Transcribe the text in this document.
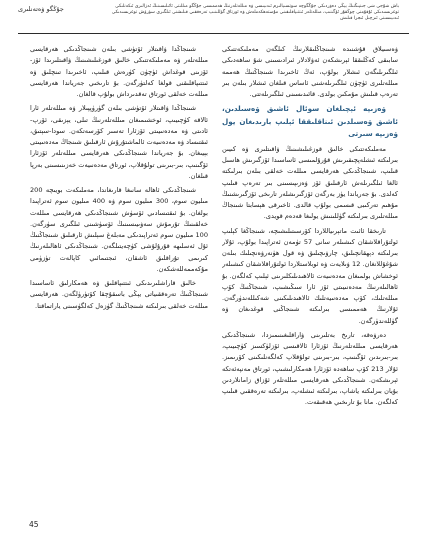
باش شۇجى شى جىنپىڭنىڭ يېڭى دەۋردىكى جۇڭگوچە سوتسىيالىزم ئىدىيىسى ۋە مىللەتلەرنىڭ ھەممىسى جۇڭگو مىللىتى ئائىلىسىنىڭ ئەزالىرى ئىكەنلىكى توغرىسىدىكى ئۇقۇمنى چوڭقۇر ئۆگىنىپ، مىللەتلەر ئىتتىپاقلىقىنى مۇستەھكەملەش ۋە ئورتاق گۈللىنىپ تەرەققىي قىلىشنى ئىلگىرى سۈرۈش توغرىسىدىكى ئىدىيىسىنى ئىزچىل ئىجرا قىلىش
جۇڭگو ۋەتەنلىرى

ۋەسىيلاق قۇشنىدە شىنجاڭلىقلارنىڭ كىلگەن مەملىكەتتىكى سابىقى كەڭلىققا ئېرىشكەن ئەۋلادلار ئىرادىسىنى شۇ ساھەدىكى ئىلگىرىلىگەن ئىشلار بولۇپ، ئەڭ ئاخىرىدا شىنجاڭنىڭ ھەممە مىللەتلىرى ئۈچۈن ئىلگىرىلەشنى ئاساس قىلغان ئىشلار بىلەن بىر تەرەپ قىلىش مۇمكىن بولدى. قائىدىسىنى ئىلگىرىلەتتى.

ۋەزىپە ئېچىلغان سوئال ئاشىق ۋەسىلدىن، ئاشىق ۋەسىلدىن ئىناقلىققا ئېلىپ بارىدىغان يول ۋەزىپە سىرتى

مەملىكەتتىكى خالىق قوزغىلىشىنىڭ ۋاقىتلىرى ۋە كىيىن بىرلىكتە ئىشلەپچىقىرىش قۇرۇلمىسى ئاساسىدا ئۆزگىرىش ھاسىل قىلىپ، شىنجاڭدىكى ھەرقايسى مىللەت خەلقى بىلەن بىرلىكتە ئالغا ئىلگىرىلەش ئارقىلىق ئۆز ۋەزىپىسىنى بىر تەرەپ قىلىپ كەلدى. بۇ جەرياندا يۈز بەرگەن ئۆزگىرىشلەر تارىخى ئۆزگىرىشنىڭ مۇھىم تەركىبى قىسمى بولۇپ قالدى. ئاخىرقى ھېسابتا شىنجاڭ مىللەتلىرى بىرلىكتە گۈللىنىش يولىغا قەدەم قويدى.

تارىخقا ئائىت ماتېرىياللاردا كۆرسىتىلىشىچە، شىنجاڭغا كېلىپ ئولتۇراقلاشقان كىشىلەر سانى 57 تۈمەن ئەتراپىدا بولۇپ، ئۇلار بىرلىكتە دېھقانچىلىق، چارۋىچىلىق ۋە قول ھۈنەرۋەنچىلىك بىلەن شۇغۇللانغان. 12 ۋىلايەت ۋە ئوبلاستلاردا ئولتۇراقلاشقان كىشىلەر ئوخشاش بولمىغان مەدەنىيەت ئالاھىدىلىكلىرىنى ئېلىپ كەلگەن. بۇ ئاھالىلەرنىڭ مەدەنىيىتى ئۆز ئارا سىڭىشىپ، شىنجاڭنىڭ كۆپ مىللەتلىك، كۆپ مەدەنىيەتلىك ئالاھىدىلىكىنى شەكىللەندۈرگەن. ئۇلارنىڭ ھەممىسى بىرلىكتە شىنجاڭنى قوغدىغان ۋە گۈللەندۈرگەن.

دەرۋەقە، تارىخ بەتلىرىنى ۋاراقلىغىنىمىزدا، شىنجاڭدىكى ھەرقايسى مىللەتلەرنىڭ ئۆزئارا ئالاقىسى ئۆزلۈكسىز كۈچىيىپ، بىر-بىرىدىن ئۆگىنىپ، بىر-بىرىنى تولۇقلاپ كەلگەنلىكىنى كۆرىمىز. ئۇلار 213 كۆپ ساھەدە ئۆزئارا ھەمكارلىشىپ، ئورتاق مەنپەئەتكە ئېرىشكەن. شىنجاڭدىكى ھەرقايسى مىللەتلەر ئۇزاق زامانلاردىن بۇيان بىرلىكتە ياشاپ، بىرلىكتە ئىشلەپ، بىرلىكتە تەرەققىي قىلىپ كەلگەن. مانا بۇ تارىخىي ھەقىقەت.

شىنجاڭدا ۋاقىتلار ئۆتۈشى بىلەن شىنجاڭدىكى ھەرقايسى مىللەتلەر ۋە مەملىكەتتىكى خالىق قوزغىلىشىنىڭ ۋاقىتلىرىدا ئۆز-ئۆزىنى قوغداش ئۈچۈن كۈرەش قىلىپ، ئاخىرىدا تىنچلىق ۋە ئىتتىپاقلىقنى قولغا كەلتۈرگەن. بۇ تارىخىي جەرياندا ھەرقايسى مىللەت خەلقى ئورتاق تەقدىرداش بولۇپ قالغان.

شىنجاڭدا ۋاقىتلار ئۆتۈشى بىلەن گۈرۈپپىلار ۋە مىللەتلەر ئارا ئالاقە كۈچىيىپ، ئوخشىمىغان مىللەتلەرنىڭ تىلى، يېزىقى، ئۆرپ-ئادىتى ۋە مەدەنىيىتى ئۆزئارا تەسىر كۆرسەتكەن. سودا-سېتىق، ئىقتىساد ۋە مەدەنىيەت ئالماشتۇرۇش ئارقىلىق شىنجاڭ مەدەنىيىتى بېيىغان. بۇ جەرياندا شىنجاڭدىكى ھەرقايسى مىللەتلەر ئۆزئارا ئۆگىنىپ، بىر-بىرىنى تولۇقلاپ، ئورتاق مەدەنىيەت خەزىنىسىنى بەرپا قىلغان.

شىنجاڭدىكى ئاھالە سانىغا قارىغاندا، مەملىكەت بويىچە 200 مىليون سوم، 300 مىليون سوم ۋە 400 مىليون سوم ئەتراپىدا بولغان. بۇ ئىقتىسادىي ئۆسۈش شىنجاڭدىكى ھەرقايسى مىللەت خەلقىنىڭ تۇرمۇش سەۋىيىسىنىڭ ئۆسۈشىنى ئىلگىرى سۈرگەن. 100 مىليون سوم ئەتراپىدىكى مەبلەغ سېلىش ئارقىلىق شىنجاڭنىڭ ئۇل ئەسلىھە قۇرۇلۇشى كۈچەيتىلگەن. شىنجاڭدىكى ئاھالىلەرنىڭ كىرىمى تۇراقلىق ئاشقان، ئىجتىمائىي كاپالەت تۈزۈمى مۇكەممەللەشكەن.

خالىق قاراشلىرىدىكى ئىتتىپاقلىق ۋە ھەمكارلىق ئاساسىدا شىنجاڭنىڭ تەرەققىياتى يېڭى باسقۇچقا كۆتۈرۈلگەن. ھەرقايسى مىللەت خەلقى بىرلىكتە شىنجاڭنىڭ گۈزەل كەلگۈسىنى ياراتماقتا.

45
